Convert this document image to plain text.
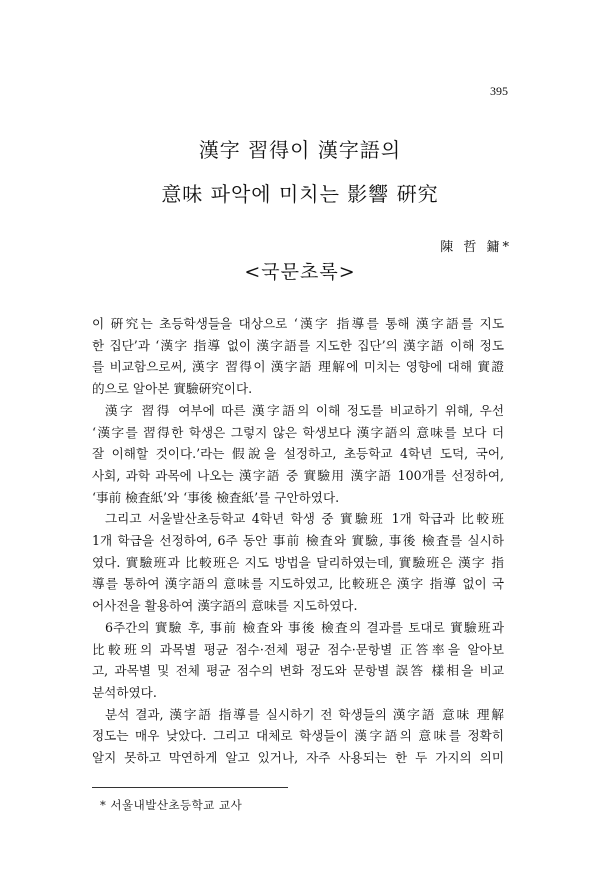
395
漢字 習得이 漢字語의
意味 파악에 미치는 影響 硏究
陳 哲 鏞*
<국문초록>

이 硏究는 초등학생들을 대상으로 ‘漢字 指導를 통해 漢字語를 지도

한 집단’과 ‘漢字 指導 없이 漢字語를 지도한 집단’의 漢字語 이해 정도

를 비교함으로써, 漢字 習得이 漢字語 理解에 미치는 영향에 대해 實證

的으로 알아본 實驗硏究이다.

漢字 習得 여부에 따른 漢字語의 이해 정도를 비교하기 위해, 우선

‘漢字를 習得한 학생은 그렇지 않은 학생보다 漢字語의 意味를 보다 더

잘 이해할 것이다.’라는 假說을 설정하고, 초등학교 4학년 도덕, 국어,

사회, 과학 과목에 나오는 漢字語 중 實驗用 漢字語 100개를 선정하여,

‘事前 檢査紙’와 ‘事後 檢査紙’를 구안하였다.

그리고 서울발산초등학교 4학년 학생 중 實驗班 1개 학급과 比較班

1개 학급을 선정하여, 6주 동안 事前 檢査와 實驗, 事後 檢査를 실시하

였다. 實驗班과 比較班은 지도 방법을 달리하였는데, 實驗班은 漢字 指

導를 통하여 漢字語의 意味를 지도하였고, 比較班은 漢字 指導 없이 국

어사전을 활용하여 漢字語의 意味를 지도하였다.

6주간의 實驗 후, 事前 檢査와 事後 檢査의 결과를 토대로 實驗班과

比較班의 과목별 평균 점수·전체 평균 점수·문항별 正答率을 알아보

고, 과목별 및 전체 평균 점수의 변화 정도와 문항별 誤答 樣相을 비교

분석하였다.

분석 결과, 漢字語 指導를 실시하기 전 학생들의 漢字語 意味 理解

정도는 매우 낮았다. 그리고 대체로 학생들이 漢字語의 意味를 정확히

알지 못하고 막연하게 알고 있거나, 자주 사용되는 한 두 가지의 의미

* 서울내발산초등학교 교사
